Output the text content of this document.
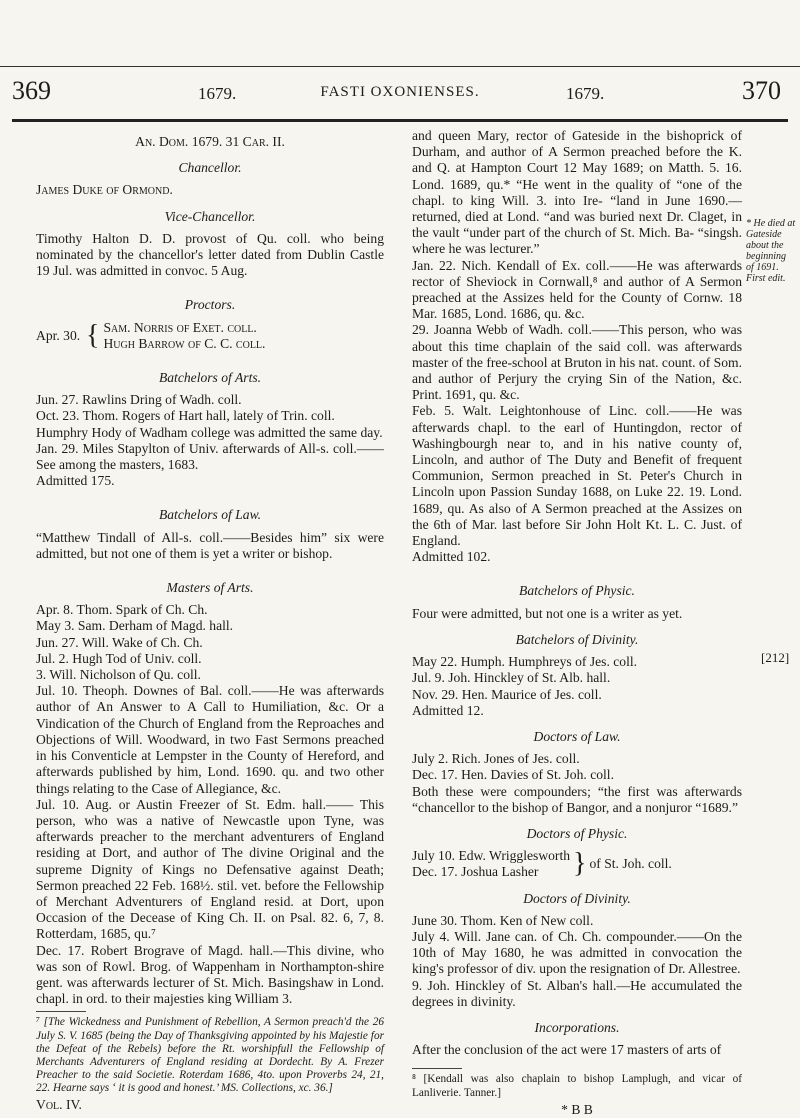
369	1679.	FASTI OXONIENSES.	1679.	370

An. Dom. 1679. 31 Car. II.

Chancellor.

James Duke of Ormond.

Vice-Chancellor.

Timothy Halton D. D. provost of Qu. coll. who being nominated by the chancellor's letter dated from Dublin Castle 19 Jul. was admitted in convoc. 5 Aug.

Proctors.

Apr. 30. { Sam. Norris of Exet. coll.
Hugh Barrow of C. C. coll.

Batchelors of Arts.

Jun. 27. Rawlins Dring of Wadh. coll.

Oct. 23. Thom. Rogers of Hart hall, lately of Trin. coll.

Humphry Hody of Wadham college was admitted the same day.

Jan. 29. Miles Stapylton of Univ. afterwards of All-s. coll.——See among the masters, 1683.

Admitted 175.

Batchelors of Law.

“Matthew Tindall of All-s. coll.——Besides him” six were admitted, but not one of them is yet a writer or bishop.

Masters of Arts.

Apr. 8. Thom. Spark of Ch. Ch.

May 3. Sam. Derham of Magd. hall.

Jun. 27. Will. Wake of Ch. Ch.

Jul. 2. Hugh Tod of Univ. coll.

3. Will. Nicholson of Qu. coll.

Jul. 10. Theoph. Downes of Bal. coll.——He was afterwards author of An Answer to A Call to Humiliation, &c. Or a Vindication of the Church of England from the Reproaches and Objections of Will. Woodward, in two Fast Sermons preached in his Conventicle at Lempster in the County of Hereford, and afterwards published by him, Lond. 1690. qu. and two other things relating to the Case of Allegiance, &c.

Jul. 10. Aug. or Austin Freezer of St. Edm. hall.—— This person, who was a native of Newcastle upon Tyne, was afterwards preacher to the merchant adventurers of England residing at Dort, and author of The divine Original and the supreme Dignity of Kings no Defensative against Death; Sermon preached 22 Feb. 168½. stil. vet. before the Fellowship of Merchant Adventurers of England resid. at Dort, upon Occasion of the Decease of King Ch. II. on Psal. 82. 6, 7, 8. Rotterdam, 1685, qu.⁷

Dec. 17. Robert Brograve of Magd. hall.—This divine, who was son of Rowl. Brog. of Wappenham in Northampton-shire gent. was afterwards lecturer of St. Mich. Basingshaw in Lond. chapl. in ord. to their majesties king William 3.

⁷ [The Wickedness and Punishment of Rebellion, A Sermon preach'd the 26 July S. V. 1685 (being the Day of Thanksgiving appointed by his Majestie for the Defeat of the Rebels) before the Rt. worshipfull the Fellowship of Merchants Adventurers of England residing at Dordecht. By A. Frezer Preacher to the said Societie. Roterdam 1686, 4to. upon Proverbs 24, 21, 22. Hearne says ‘ it is good and honest.’ MS. Collections, xc. 36.]

Vol. IV.

and queen Mary, rector of Gateside in the bishoprick of Durham, and author of A Sermon preached before the K. and Q. at Hampton Court 12 May 1689; on Matth. 5. 16. Lond. 1689, qu.* “He went in the quality of “one of the chapl. to king Will. 3. into Ire- “land in June 1690.—returned, died at Lond. “and was buried next Dr. Claget, in the vault “under part of the church of St. Mich. Ba- “singsh. where he was lecturer.”

Jan. 22. Nich. Kendall of Ex. coll.——He was afterwards rector of Sheviock in Cornwall,⁸ and author of A Sermon preached at the Assizes held for the County of Cornw. 18 Mar. 1685, Lond. 1686, qu. &c.

29. Joanna Webb of Wadh. coll.——This person, who was about this time chaplain of the said coll. was afterwards master of the free-school at Bruton in his nat. count. of Som. and author of Perjury the crying Sin of the Nation, &c. Print. 1691, qu. &c.

Feb. 5. Walt. Leightonhouse of Linc. coll.——He was afterwards chapl. to the earl of Huntingdon, rector of Washingbourgh near to, and in his native county of, Lincoln, and author of The Duty and Benefit of frequent Communion, Sermon preached in St. Peter's Church in Lincoln upon Passion Sunday 1688, on Luke 22. 19. Lond. 1689, qu. As also of A Sermon preached at the Assizes on the 6th of Mar. last before Sir John Holt Kt. L. C. Just. of England.

Admitted 102.

Batchelors of Physic.

Four were admitted, but not one is a writer as yet.

Batchelors of Divinity.

May 22. Humph. Humphreys of Jes. coll.

Jul. 9. Joh. Hinckley of St. Alb. hall.

Nov. 29. Hen. Maurice of Jes. coll.

Admitted 12.

Doctors of Law.

July 2. Rich. Jones of Jes. coll.

Dec. 17. Hen. Davies of St. Joh. coll.

Both these were compounders; “the first was afterwards “chancellor to the bishop of Bangor, and a nonjuror “1689.”

Doctors of Physic.

July 10. Edw. Wrigglesworth
Dec. 17. Joshua Lasher	} of St. Joh. coll.

Doctors of Divinity.

June 30. Thom. Ken of New coll.

July 4. Will. Jane can. of Ch. Ch. compounder.——On the 10th of May 1680, he was admitted in convocation the king's professor of div. upon the resignation of Dr. Allestree.

9. Joh. Hinckley of St. Alban's hall.—He accumulated the degrees in divinity.

Incorporations.

After the conclusion of the act were 17 masters of arts of

⁸ [Kendall was also chaplain to bishop Lamplugh, and vicar of Lanliverie. Tanner.]

* B B

* He died at Gateside about the beginning of 1691. First edit.
[212]
